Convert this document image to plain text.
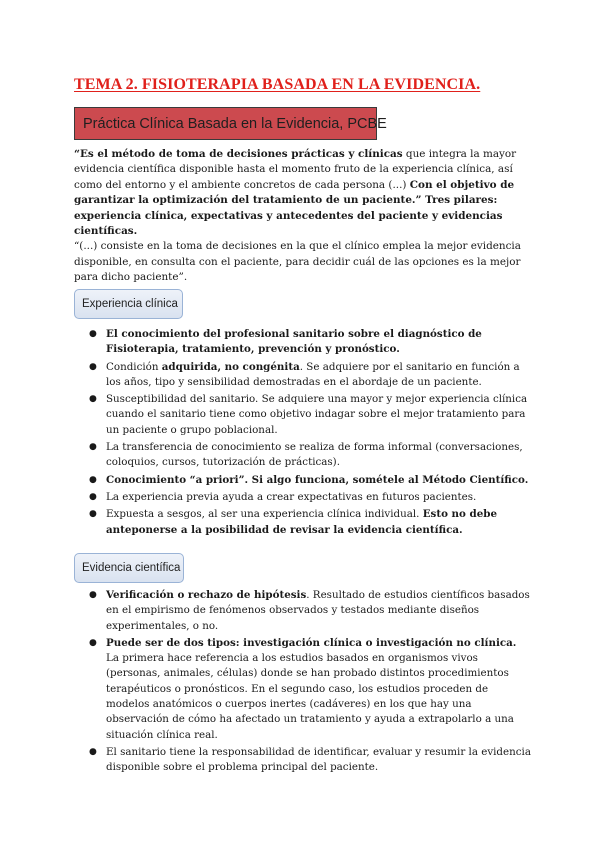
TEMA 2. FISIOTERAPIA BASADA EN LA EVIDENCIA.
Práctica Clínica Basada en la Evidencia, PCBE

“Es el método de toma de decisiones prácticas y clínicas que integra la mayor evidencia científica disponible hasta el momento fruto de la experiencia clínica, así como del entorno y el ambiente concretos de cada persona (...) Con el objetivo de garantizar la optimización del tratamiento de un paciente.” Tres pilares: experiencia clínica, expectativas y antecedentes del paciente y evidencias científicas.

“(...) consiste en la toma de decisiones en la que el clínico emplea la mejor evidencia disponible, en consulta con el paciente, para decidir cuál de las opciones es la mejor para dicho paciente”.

Experiencia clínica
● El conocimiento del profesional sanitario sobre el diagnóstico de Fisioterapia, tratamiento, prevención y pronóstico.
● Condición adquirida, no congénita. Se adquiere por el sanitario en función a los años, tipo y sensibilidad demostradas en el abordaje de un paciente.
● Susceptibilidad del sanitario. Se adquiere una mayor y mejor experiencia clínica cuando el sanitario tiene como objetivo indagar sobre el mejor tratamiento para un paciente o grupo poblacional.
● La transferencia de conocimiento se realiza de forma informal (conversaciones, coloquios, cursos, tutorización de prácticas).
● Conocimiento “a priori”. Si algo funciona, sométele al Método Científico.
● La experiencia previa ayuda a crear expectativas en futuros pacientes.
● Expuesta a sesgos, al ser una experiencia clínica individual. Esto no debe anteponerse a la posibilidad de revisar la evidencia científica.
Evidencia científica
● Verificación o rechazo de hipótesis. Resultado de estudios científicos basados en el empirismo de fenómenos observados y testados mediante diseños experimentales, o no.
● Puede ser de dos tipos: investigación clínica o investigación no clínica. La primera hace referencia a los estudios basados en organismos vivos (personas, animales, células) donde se han probado distintos procedimientos terapéuticos o pronósticos. En el segundo caso, los estudios proceden de modelos anatómicos o cuerpos inertes (cadáveres) en los que hay una observación de cómo ha afectado un tratamiento y ayuda a extrapolarlo a una situación clínica real.
● El sanitario tiene la responsabilidad de identificar, evaluar y resumir la evidencia disponible sobre el problema principal del paciente.
